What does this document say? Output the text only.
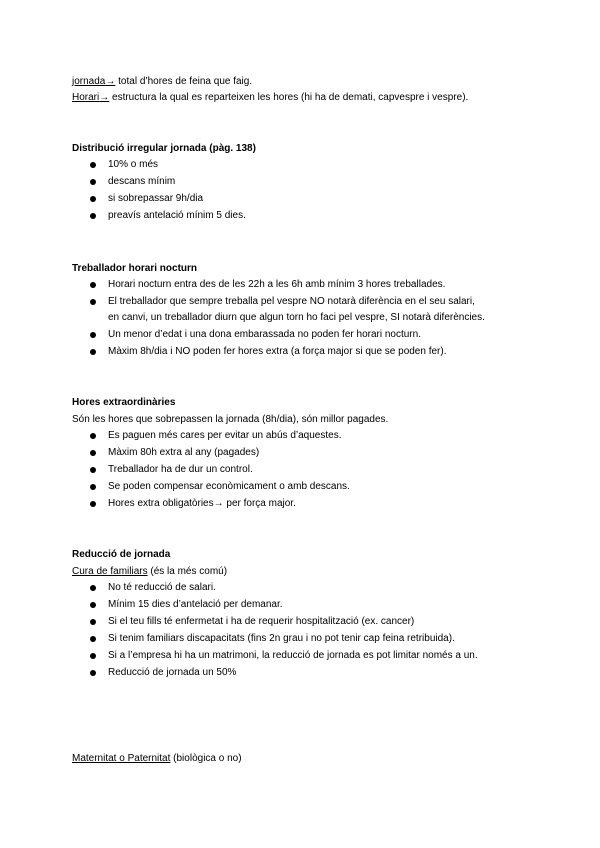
jornada→ total d’hores de feina que faig.
Horari→ estructura la qual es reparteixen les hores (hi ha de demati, capvespre i vespre).
Distribució irregular jornada (pàg. 138)
10% o més
descans mínim
si sobrepassar 9h/dia
preavís antelació mínim 5 dies.
Treballador horari nocturn
Horari nocturn entra des de les 22h a les 6h amb mínim 3 hores treballades.
El treballador que sempre treballa pel vespre NO notarà diferència en el seu salari,
en canvi, un treballador diurn que algun torn ho faci pel vespre, SI notarà diferències.
Un menor d’edat i una dona embarassada no poden fer horari nocturn.
Màxim 8h/dia i NO poden fer hores extra (a força major si que se poden fer).
Hores extraordinàries
Són les hores que sobrepassen la jornada (8h/dia), són millor pagades.
Es paguen més cares per evitar un abús d’aquestes.
Màxim 80h extra al any (pagades)
Treballador ha de dur un control.
Se poden compensar econòmicament o amb descans.
Hores extra obligatòries→ per força major.
Reducció de jornada
Cura de familiars (és la més comú)
No té reducció de salari.
Mínim 15 dies d’antelació per demanar.
Si el teu fills té enfermetat i ha de requerir hospitalització (ex. cancer)
Si tenim familiars discapacitats (fins 2n grau i no pot tenir cap feina retribuida).
Si a l’empresa hi ha un matrimoni, la reducció de jornada es pot limitar només a un.
Reducció de jornada un 50%
Maternitat o Paternitat (biològica o no)
